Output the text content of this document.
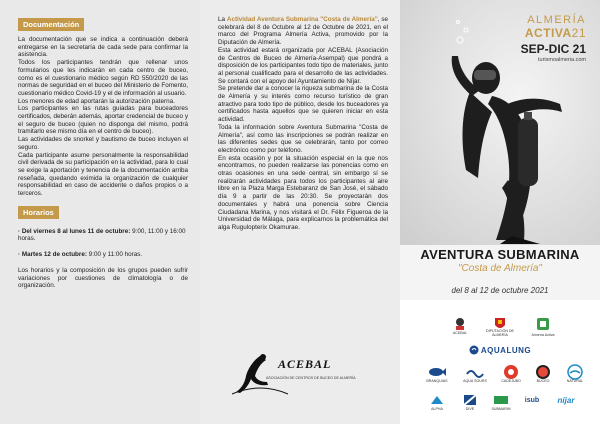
Documentación

La documentación que se indica a continuación deberá entregarse en la secretaría de cada sede para confirmar la asistencia.

Todos los participantes tendrán que rellenar unos formularios que les indicarán en cada centro de buceo, como es el cuestionario médico según RD 550/2020 de las normas de seguridad en el buceo del Ministerio de Fomento, cuestionario médico Covid-19 y el de información al usuario.

Los menores de edad aportarán la autorización paterna.

Los participantes en las rutas guiadas para buceadores certificados, deberán además, aportar credencial de buceo y el seguro de buceo (quien no disponga del mismo, podrá tramitarlo ese mismo día en el centro de buceo).

Las actividades de snorkel y bautismo de buceo incluyen el seguro.

Cada participante asume personalmente la responsabilidad civil derivada de su participación en la actividad, para lo cual se exige la aportación y tenencia de la documentación arriba reseñada, quedando eximida la organización de cualquier responsabilidad en caso de accidente o daños propios o a terceros.

Horarios

· Del viernes 8 al lunes 11 de octubre: 9:00, 11:00 y 16:00 horas.

· Martes 12 de octubre: 9:00 y 11:00 horas.

Los horarios y la composición de los grupos pueden sufrir variaciones por cuestiones de climatología o de organización.

La Actividad Aventura Submarina "Costa de Almería", se celebrará del 8 de Octubre al 12 de Octubre de 2021, en el marco del Programa Almería Activa, promovido por la Diputación de Almería.

Esta actividad estará organizada por ACEBAL (Asociación de Centros de Buceo de Almería-Asempal) que pondrá a disposición de los participantes todo tipo de materiales, junto al personal cualificado para el desarrollo de las actividades. Se contará con el apoyo del Ayuntamiento de Níjar.

Se pretende dar a conocer la riqueza submarina de la Costa de Almería y su interés como recurso turístico de gran atractivo para todo tipo de público, desde los buceadores ya certificados hasta aquellos que se quieren iniciar en esta actividad.

Toda la información sobre Aventura Submarina "Costa de Almería", así como las inscripciones se podrán realizar en las diferentes sedes que se celebrarán, tanto por correo electrónico como por teléfono.

En esta ocasión y por la situación especial en la que nos encontramos, no pueden realizarse las ponencias como en otras ocasiones en una sede central, sin embargo sí se realizarán actividades para todos los participantes al aire libre en la Plaza Marga Estebaranz de San José, el sábado día 9 a partir de las 20:30. Se proyectarán dos documentales y habrá una ponencia sobre Ciencia Ciudadana Marina, y nos visitará el Dr. Félix Figueroa de la Universidad de Málaga, para explicarnos la problemática del alga Rugulopterix Okamurae.

ACEBAL
ASOCIACIÓN DE CENTROS DE BUCEO DE ALMERÍA
ALMERÍA
ACTIVA21
SEP-DIC 21
turismoalmeria.com
AVENTURA SUBMARINA
"Costa de Almería"
del 8 al 12 de octubre 2021
ACEBAL	DIPUTACIÓN DE ALMERÍA	Almería Activa
AQUALUNG
BRANQUIAS	AQUA SOURS	CADEJUBO	BUCEO	NATURAL
ALPHA	DIVE	SUBMARIN
isub níjar
